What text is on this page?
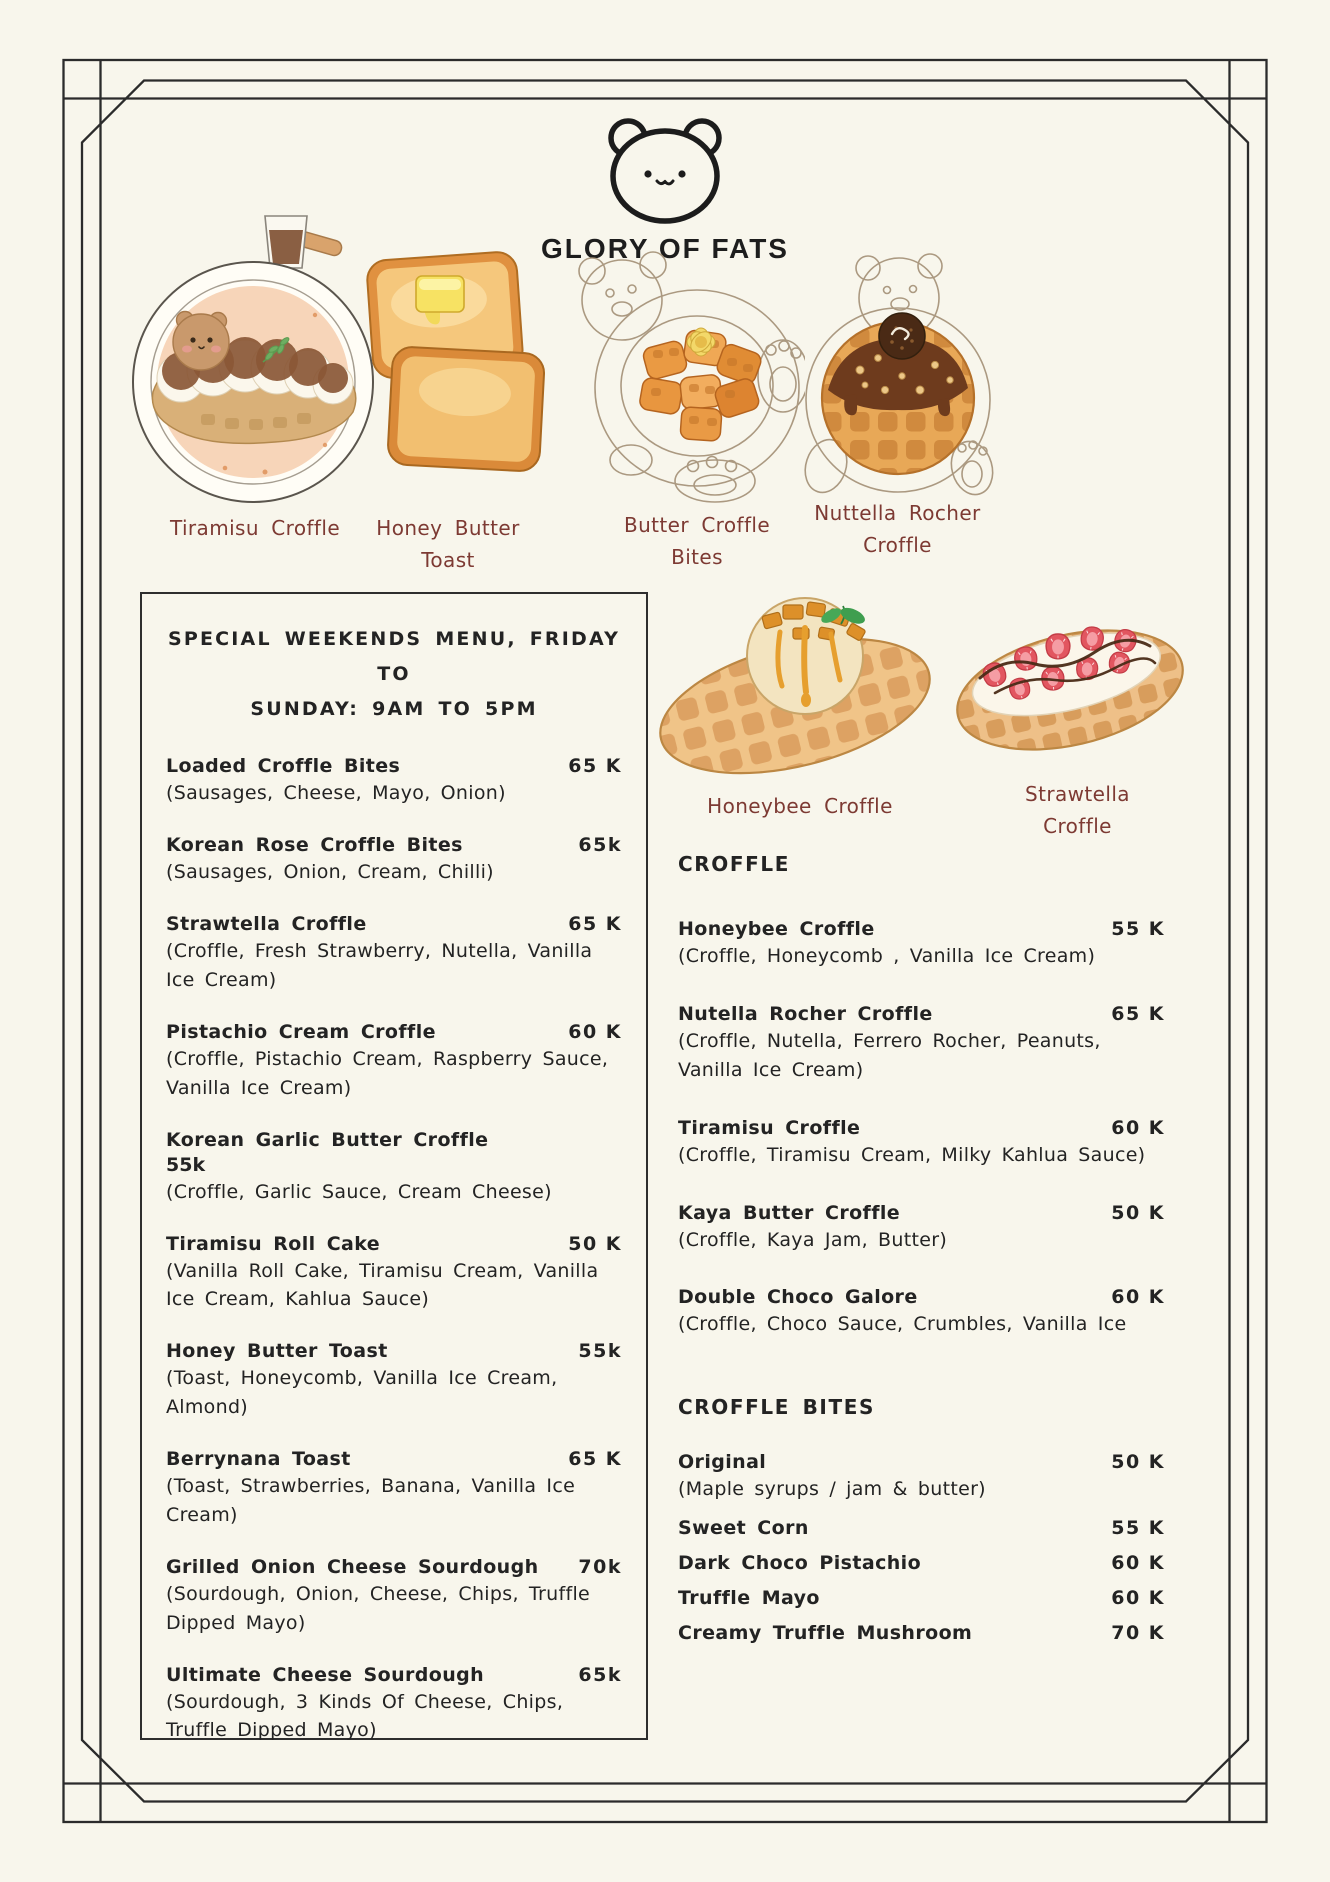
GLORY OF FATS
Tiramisu Croffle	Honey Butter Toast
Butter Croffle Bites
Nuttella Rocher Croffle
Honeybee Croffle	Strawtella Croffle
SPECIAL WEEKENDS MENU, FRIDAY TO
SUNDAY: 9AM TO 5PM
Loaded Croffle Bites	65 K
(Sausages, Cheese, Mayo, Onion)
Korean Rose Croffle Bites	65k
(Sausages, Onion, Cream, Chilli)
Strawtella Croffle	65 K
(Croffle, Fresh Strawberry, Nutella, Vanilla Ice Cream)
Pistachio Cream Croffle	60 K
(Croffle, Pistachio Cream, Raspberry Sauce, Vanilla Ice Cream)
Korean Garlic Butter Croffle
55k
(Croffle, Garlic Sauce, Cream Cheese)
Tiramisu Roll Cake	50 K
(Vanilla Roll Cake, Tiramisu Cream, Vanilla Ice Cream, Kahlua Sauce)
Honey Butter Toast	55k
(Toast, Honeycomb, Vanilla Ice Cream, Almond)
Berrynana Toast	65 K
(Toast, Strawberries, Banana, Vanilla Ice Cream)
Grilled Onion Cheese Sourdough 70k
(Sourdough, Onion, Cheese, Chips, Truffle Dipped Mayo)
Ultimate Cheese Sourdough	65k
(Sourdough, 3 Kinds Of Cheese, Chips, Truffle Dipped Mayo)
CROFFLE
Honeybee Croffle	55 K
(Croffle, Honeycomb , Vanilla Ice Cream)
Nutella Rocher Croffle	65 K
(Croffle, Nutella, Ferrero Rocher, Peanuts, Vanilla Ice Cream)
Tiramisu Croffle	60 K
(Croffle, Tiramisu Cream, Milky Kahlua Sauce)
Kaya Butter Croffle	50 K
(Croffle, Kaya Jam, Butter)
Double Choco Galore	60 K
(Croffle, Choco Sauce, Crumbles, Vanilla Ice
CROFFLE BITES
Original	50 K
(Maple syrups / jam & butter)
Sweet Corn	55 K
Dark Choco Pistachio	60 K
Truffle Mayo	60 K
Creamy Truffle Mushroom	70 K
